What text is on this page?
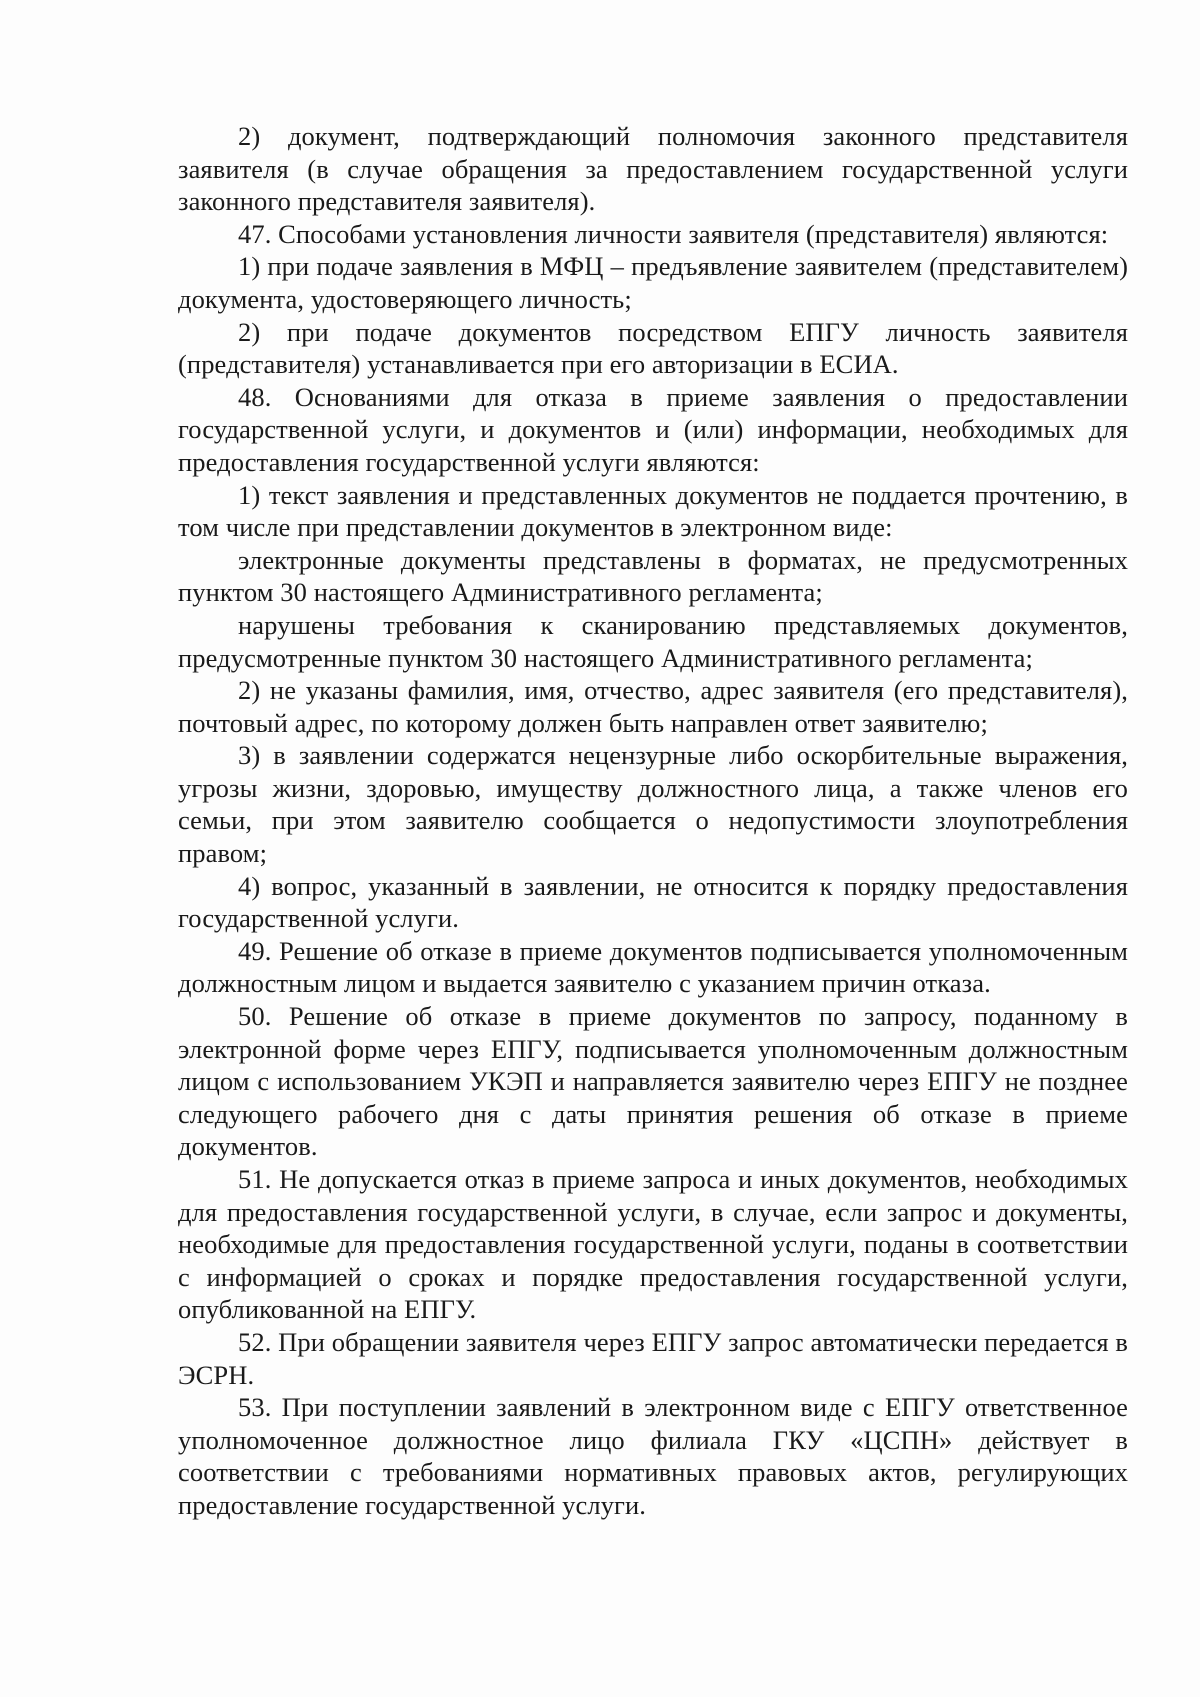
2) документ, подтверждающий полномочия законного представителя заявителя (в случае обращения за предоставлением государственной услуги законного представителя заявителя).

47. Способами установления личности заявителя (представителя) являются:

1) при подаче заявления в МФЦ – предъявление заявителем (представителем) документа, удостоверяющего личность;

2) при подаче документов посредством ЕПГУ личность заявителя (представителя) устанавливается при его авторизации в ЕСИА.

48. Основаниями для отказа в приеме заявления о предоставлении государственной услуги, и документов и (или) информации, необходимых для предоставления государственной услуги являются:

1) текст заявления и представленных документов не поддается прочтению, в том числе при представлении документов в электронном виде:

электронные документы представлены в форматах, не предусмотренных пунктом 30 настоящего Административного регламента;

нарушены требования к сканированию представляемых документов, предусмотренные пунктом 30 настоящего Административного регламента;

2) не указаны фамилия, имя, отчество, адрес заявителя (его представителя), почтовый адрес, по которому должен быть направлен ответ заявителю;

3) в заявлении содержатся нецензурные либо оскорбительные выражения, угрозы жизни, здоровью, имуществу должностного лица, а также членов его семьи, при этом заявителю сообщается о недопустимости злоупотребления правом;

4) вопрос, указанный в заявлении, не относится к порядку предоставления государственной услуги.

49. Решение об отказе в приеме документов подписывается уполномоченным должностным лицом и выдается заявителю с указанием причин отказа.

50. Решение об отказе в приеме документов по запросу, поданному в электронной форме через ЕПГУ, подписывается уполномоченным должностным лицом с использованием УКЭП и направляется заявителю через ЕПГУ не позднее следующего рабочего дня с даты принятия решения об отказе в приеме документов.

51. Не допускается отказ в приеме запроса и иных документов, необходимых для предоставления государственной услуги, в случае, если запрос и документы, необходимые для предоставления государственной услуги, поданы в соответствии с информацией о сроках и порядке предоставления государственной услуги, опубликованной на ЕПГУ.

52. При обращении заявителя через ЕПГУ запрос автоматически передается в ЭСРН.

53. При поступлении заявлений в электронном виде с ЕПГУ ответственное уполномоченное должностное лицо филиала ГКУ «ЦСПН» действует в соответствии с требованиями нормативных правовых актов, регулирующих предоставление государственной услуги.
